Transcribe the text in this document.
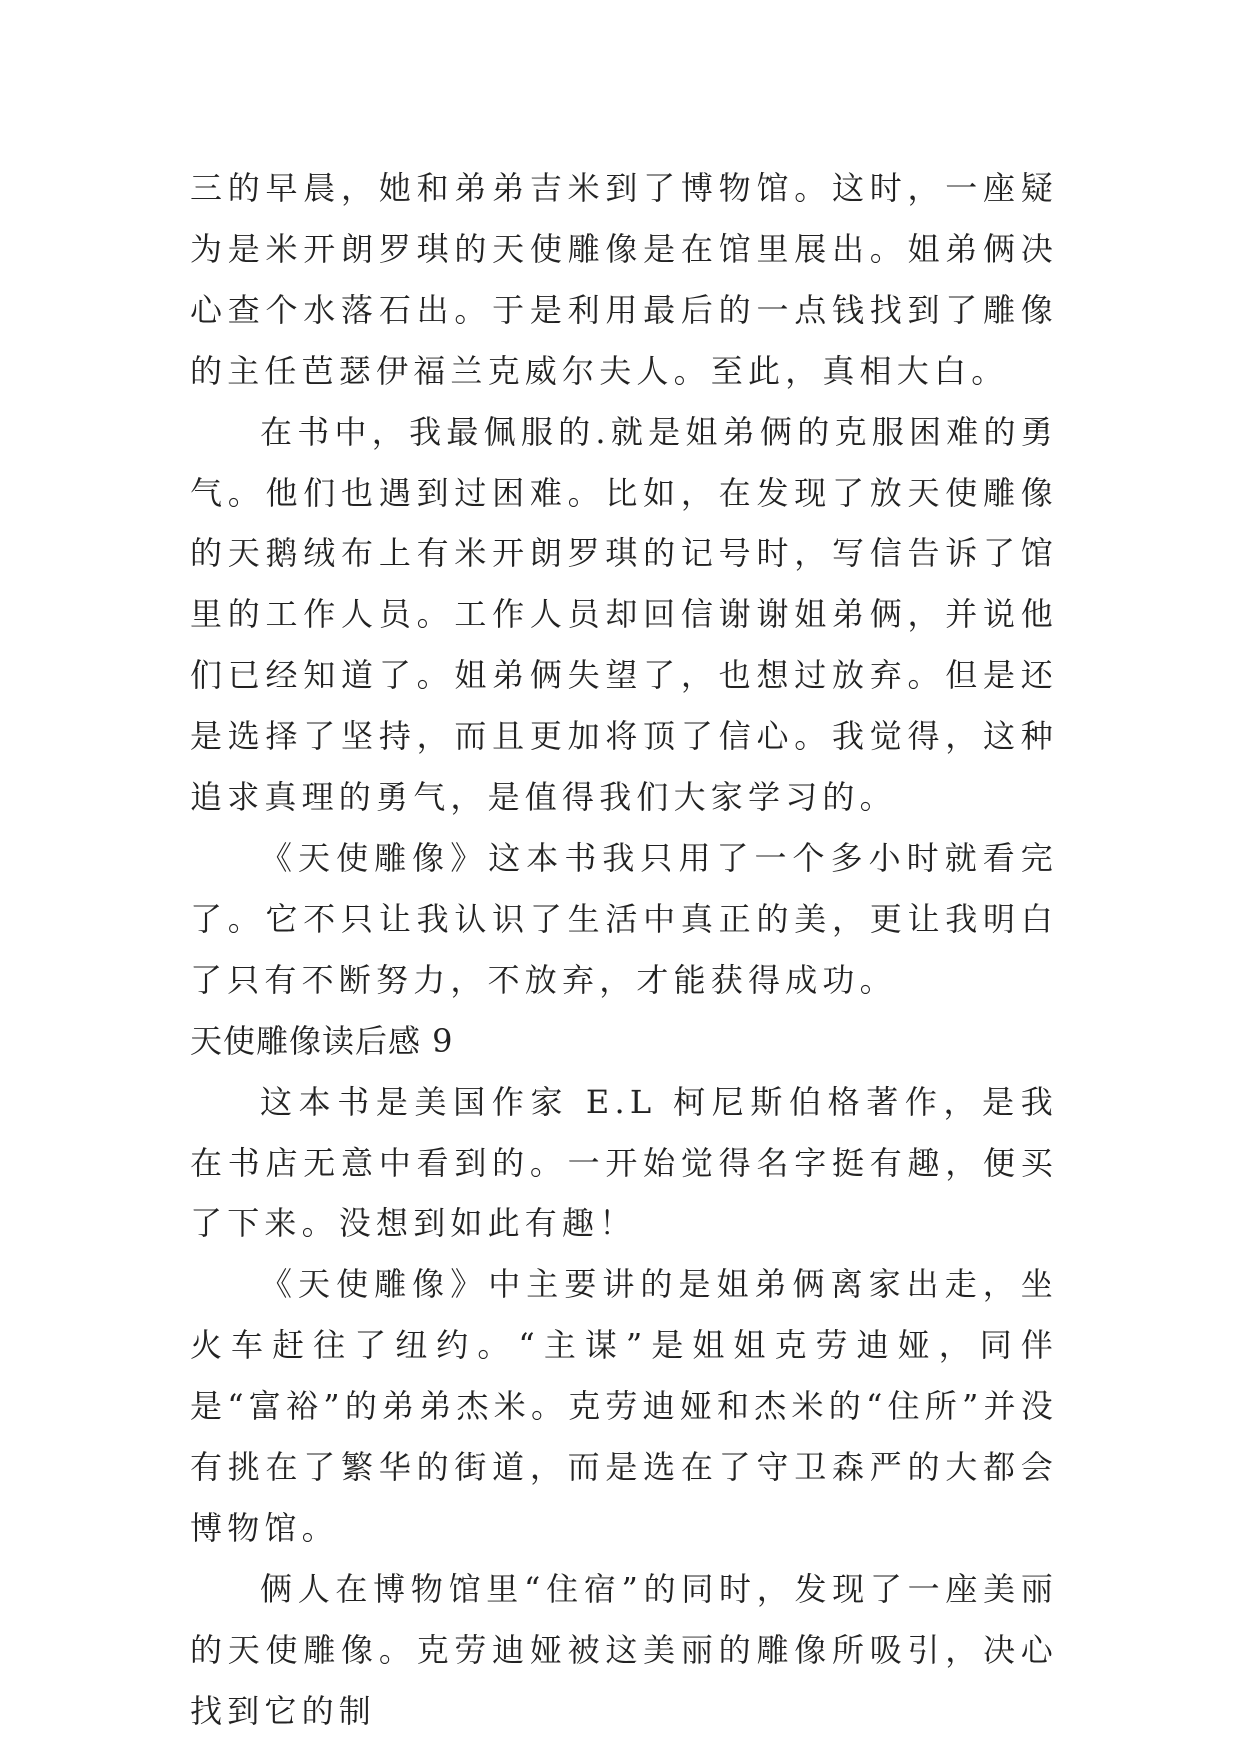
三的早晨，她和弟弟吉米到了博物馆。这时，一座疑为是米开朗罗琪的天使雕像是在馆里展出。姐弟俩决心查个水落石出。于是利用最后的一点钱找到了雕像的主任芭瑟伊福兰克威尔夫人。至此，真相大白。

在书中，我最佩服的.就是姐弟俩的克服困难的勇气。他们也遇到过困难。比如，在发现了放天使雕像的天鹅绒布上有米开朗罗琪的记号时，写信告诉了馆里的工作人员。工作人员却回信谢谢姐弟俩，并说他们已经知道了。姐弟俩失望了，也想过放弃。但是还是选择了坚持，而且更加将顶了信心。我觉得，这种追求真理的勇气，是值得我们大家学习的。

《天使雕像》这本书我只用了一个多小时就看完了。它不只让我认识了生活中真正的美，更让我明白了只有不断努力，不放弃，才能获得成功。

天使雕像读后感 9

这本书是美国作家 E.L 柯尼斯伯格著作，是我在书店无意中看到的。一开始觉得名字挺有趣，便买了下来。没想到如此有趣！

《天使雕像》中主要讲的是姐弟俩离家出走，坐火车赶往了纽约。“主谋”是姐姐克劳迪娅，同伴是“富裕”的弟弟杰米。克劳迪娅和杰米的“住所”并没有挑在了繁华的街道，而是选在了守卫森严的大都会博物馆。

俩人在博物馆里“住宿”的同时，发现了一座美丽的天使雕像。克劳迪娅被这美丽的雕像所吸引，决心找到它的制
